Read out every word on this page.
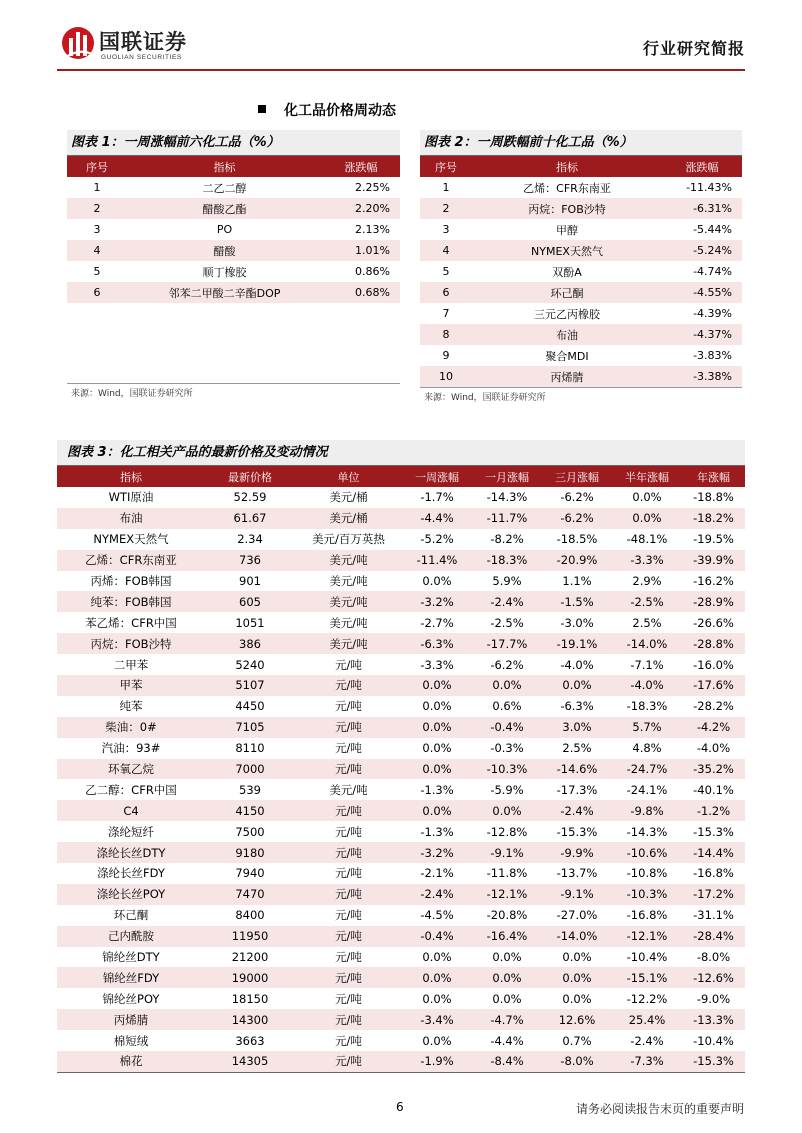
国联证券
GUOLIAN SECURITIES	行业研究简报
化工品价格周动态
图表 1：一周涨幅前六化工品（%）
序号	指标	涨跌幅
1	二乙二醇	2.25%
2	醋酸乙酯	2.20%
3	PO	2.13%
4	醋酸	1.01%
5	顺丁橡胶	0.86%
6	邻苯二甲酸二辛酯DOP	0.68%
来源：Wind，国联证券研究所
图表 2：一周跌幅前十化工品（%）
序号	指标	涨跌幅
1	乙烯：CFR东南亚	-11.43%
2	丙烷：FOB沙特	-6.31%
3	甲醇	-5.44%
4	NYMEX天然气	-5.24%
5	双酚A	-4.74%
6	环己酮	-4.55%
7	三元乙丙橡胶	-4.39%
8	布油	-4.37%
9	聚合MDI	-3.83%
10	丙烯腈	-3.38%
来源：Wind，国联证券研究所
图表 3：化工相关产品的最新价格及变动情况
指标	最新价格	单位	一周涨幅	一月涨幅	三月涨幅	半年涨幅	年涨幅
WTI原油	52.59	美元/桶	-1.7%	-14.3%	-6.2%	0.0%	-18.8%
布油	61.67	美元/桶	-4.4%	-11.7%	-6.2%	0.0%	-18.2%
NYMEX天然气	2.34	美元/百万英热	-5.2%	-8.2%	-18.5%	-48.1%	-19.5%
乙烯：CFR东南亚	736	美元/吨	-11.4%	-18.3%	-20.9%	-3.3%	-39.9%
丙烯：FOB韩国	901	美元/吨	0.0%	5.9%	1.1%	2.9%	-16.2%
纯苯：FOB韩国	605	美元/吨	-3.2%	-2.4%	-1.5%	-2.5%	-28.9%
苯乙烯：CFR中国	1051	美元/吨	-2.7%	-2.5%	-3.0%	2.5%	-26.6%
丙烷：FOB沙特	386	美元/吨	-6.3%	-17.7%	-19.1%	-14.0%	-28.8%
二甲苯	5240	元/吨	-3.3%	-6.2%	-4.0%	-7.1%	-16.0%
甲苯	5107	元/吨	0.0%	0.0%	0.0%	-4.0%	-17.6%
纯苯	4450	元/吨	0.0%	0.6%	-6.3%	-18.3%	-28.2%
柴油：0#	7105	元/吨	0.0%	-0.4%	3.0%	5.7%	-4.2%
汽油：93#	8110	元/吨	0.0%	-0.3%	2.5%	4.8%	-4.0%
环氧乙烷	7000	元/吨	0.0%	-10.3%	-14.6%	-24.7%	-35.2%
乙二醇：CFR中国	539	美元/吨	-1.3%	-5.9%	-17.3%	-24.1%	-40.1%
C4	4150	元/吨	0.0%	0.0%	-2.4%	-9.8%	-1.2%
涤纶短纤	7500	元/吨	-1.3%	-12.8%	-15.3%	-14.3%	-15.3%
涤纶长丝DTY	9180	元/吨	-3.2%	-9.1%	-9.9%	-10.6%	-14.4%
涤纶长丝FDY	7940	元/吨	-2.1%	-11.8%	-13.7%	-10.8%	-16.8%
涤纶长丝POY	7470	元/吨	-2.4%	-12.1%	-9.1%	-10.3%	-17.2%
环己酮	8400	元/吨	-4.5%	-20.8%	-27.0%	-16.8%	-31.1%
己内酰胺	11950	元/吨	-0.4%	-16.4%	-14.0%	-12.1%	-28.4%
锦纶丝DTY	21200	元/吨	0.0%	0.0%	0.0%	-10.4%	-8.0%
锦纶丝FDY	19000	元/吨	0.0%	0.0%	0.0%	-15.1%	-12.6%
锦纶丝POY	18150	元/吨	0.0%	0.0%	0.0%	-12.2%	-9.0%
丙烯腈	14300	元/吨	-3.4%	-4.7%	12.6%	25.4%	-13.3%
棉短绒	3663	元/吨	0.0%	-4.4%	0.7%	-2.4%	-10.4%
棉花	14305	元/吨	-1.9%	-8.4%	-8.0%	-7.3%	-15.3%
6	请务必阅读报告末页的重要声明
